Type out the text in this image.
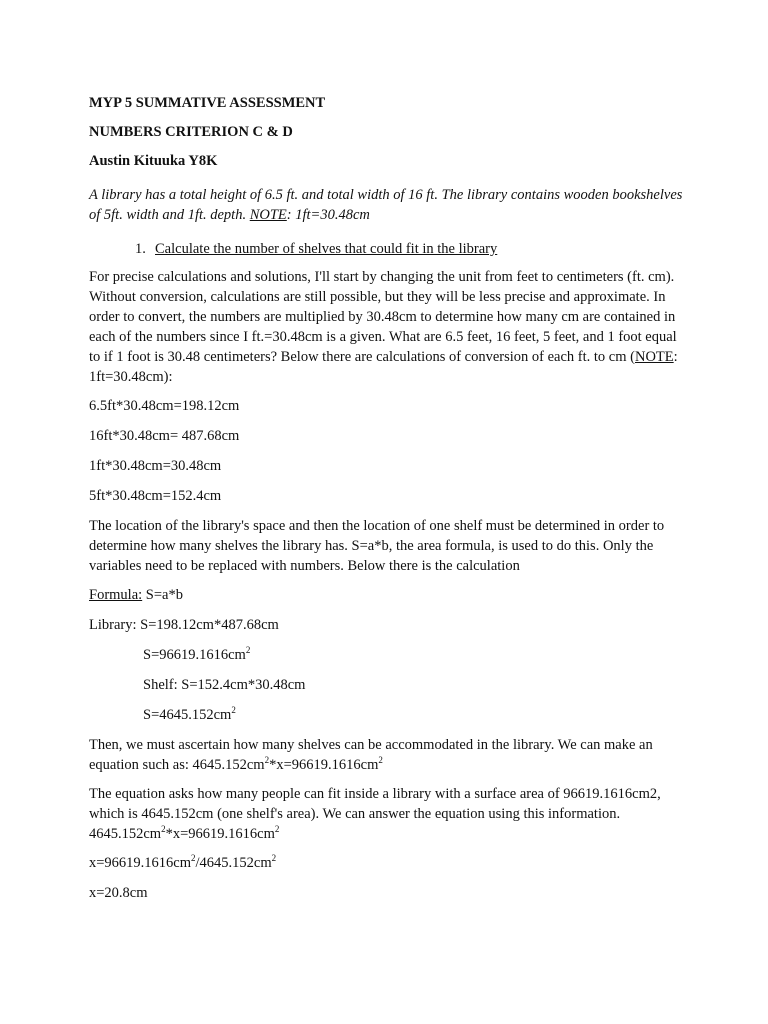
MYP 5 SUMMATIVE ASSESSMENT
NUMBERS CRITERION C & D
Austin Kituuka Y8K
A library has a total height of 6.5 ft. and total width of 16 ft. The library contains wooden bookshelves of 5ft. width and 1ft. depth. NOTE: 1ft=30.48cm
1. Calculate the number of shelves that could fit in the library

For precise calculations and solutions, I'll start by changing the unit from feet to centimeters (ft. cm). Without conversion, calculations are still possible, but they will be less precise and approximate. In order to convert, the numbers are multiplied by 30.48cm to determine how many cm are contained in each of the numbers since I ft.=30.48cm is a given. What are 6.5 feet, 16 feet, 5 feet, and 1 foot equal to if 1 foot is 30.48 centimeters? Below there are calculations of conversion of each ft. to cm (NOTE: 1ft=30.48cm):

6.5ft*30.48cm=198.12cm
16ft*30.48cm= 487.68cm
1ft*30.48cm=30.48cm
5ft*30.48cm=152.4cm

The location of the library's space and then the location of one shelf must be determined in order to determine how many shelves the library has. S=a*b, the area formula, is used to do this. Only the variables need to be replaced with numbers. Below there is the calculation

Formula: S=a*b
Library: S=198.12cm*487.68cm
$S=96619.1616cm^2$
Shelf: S=152.4cm*30.48cm
$S=4645.152cm^2$

Then, we must ascertain how many shelves can be accommodated in the library. We can make an equation such as: $4645.152cm^2*x=96619.1616cm^2$

The equation asks how many people can fit inside a library with a surface area of 96619.1616cm2, which is 4645.152cm (one shelf's area). We can answer the equation using this information. $4645.152cm^2*x=96619.1616cm^2$

$x=96619.1616cm^2/4645.152cm^2$
x=20.8cm
